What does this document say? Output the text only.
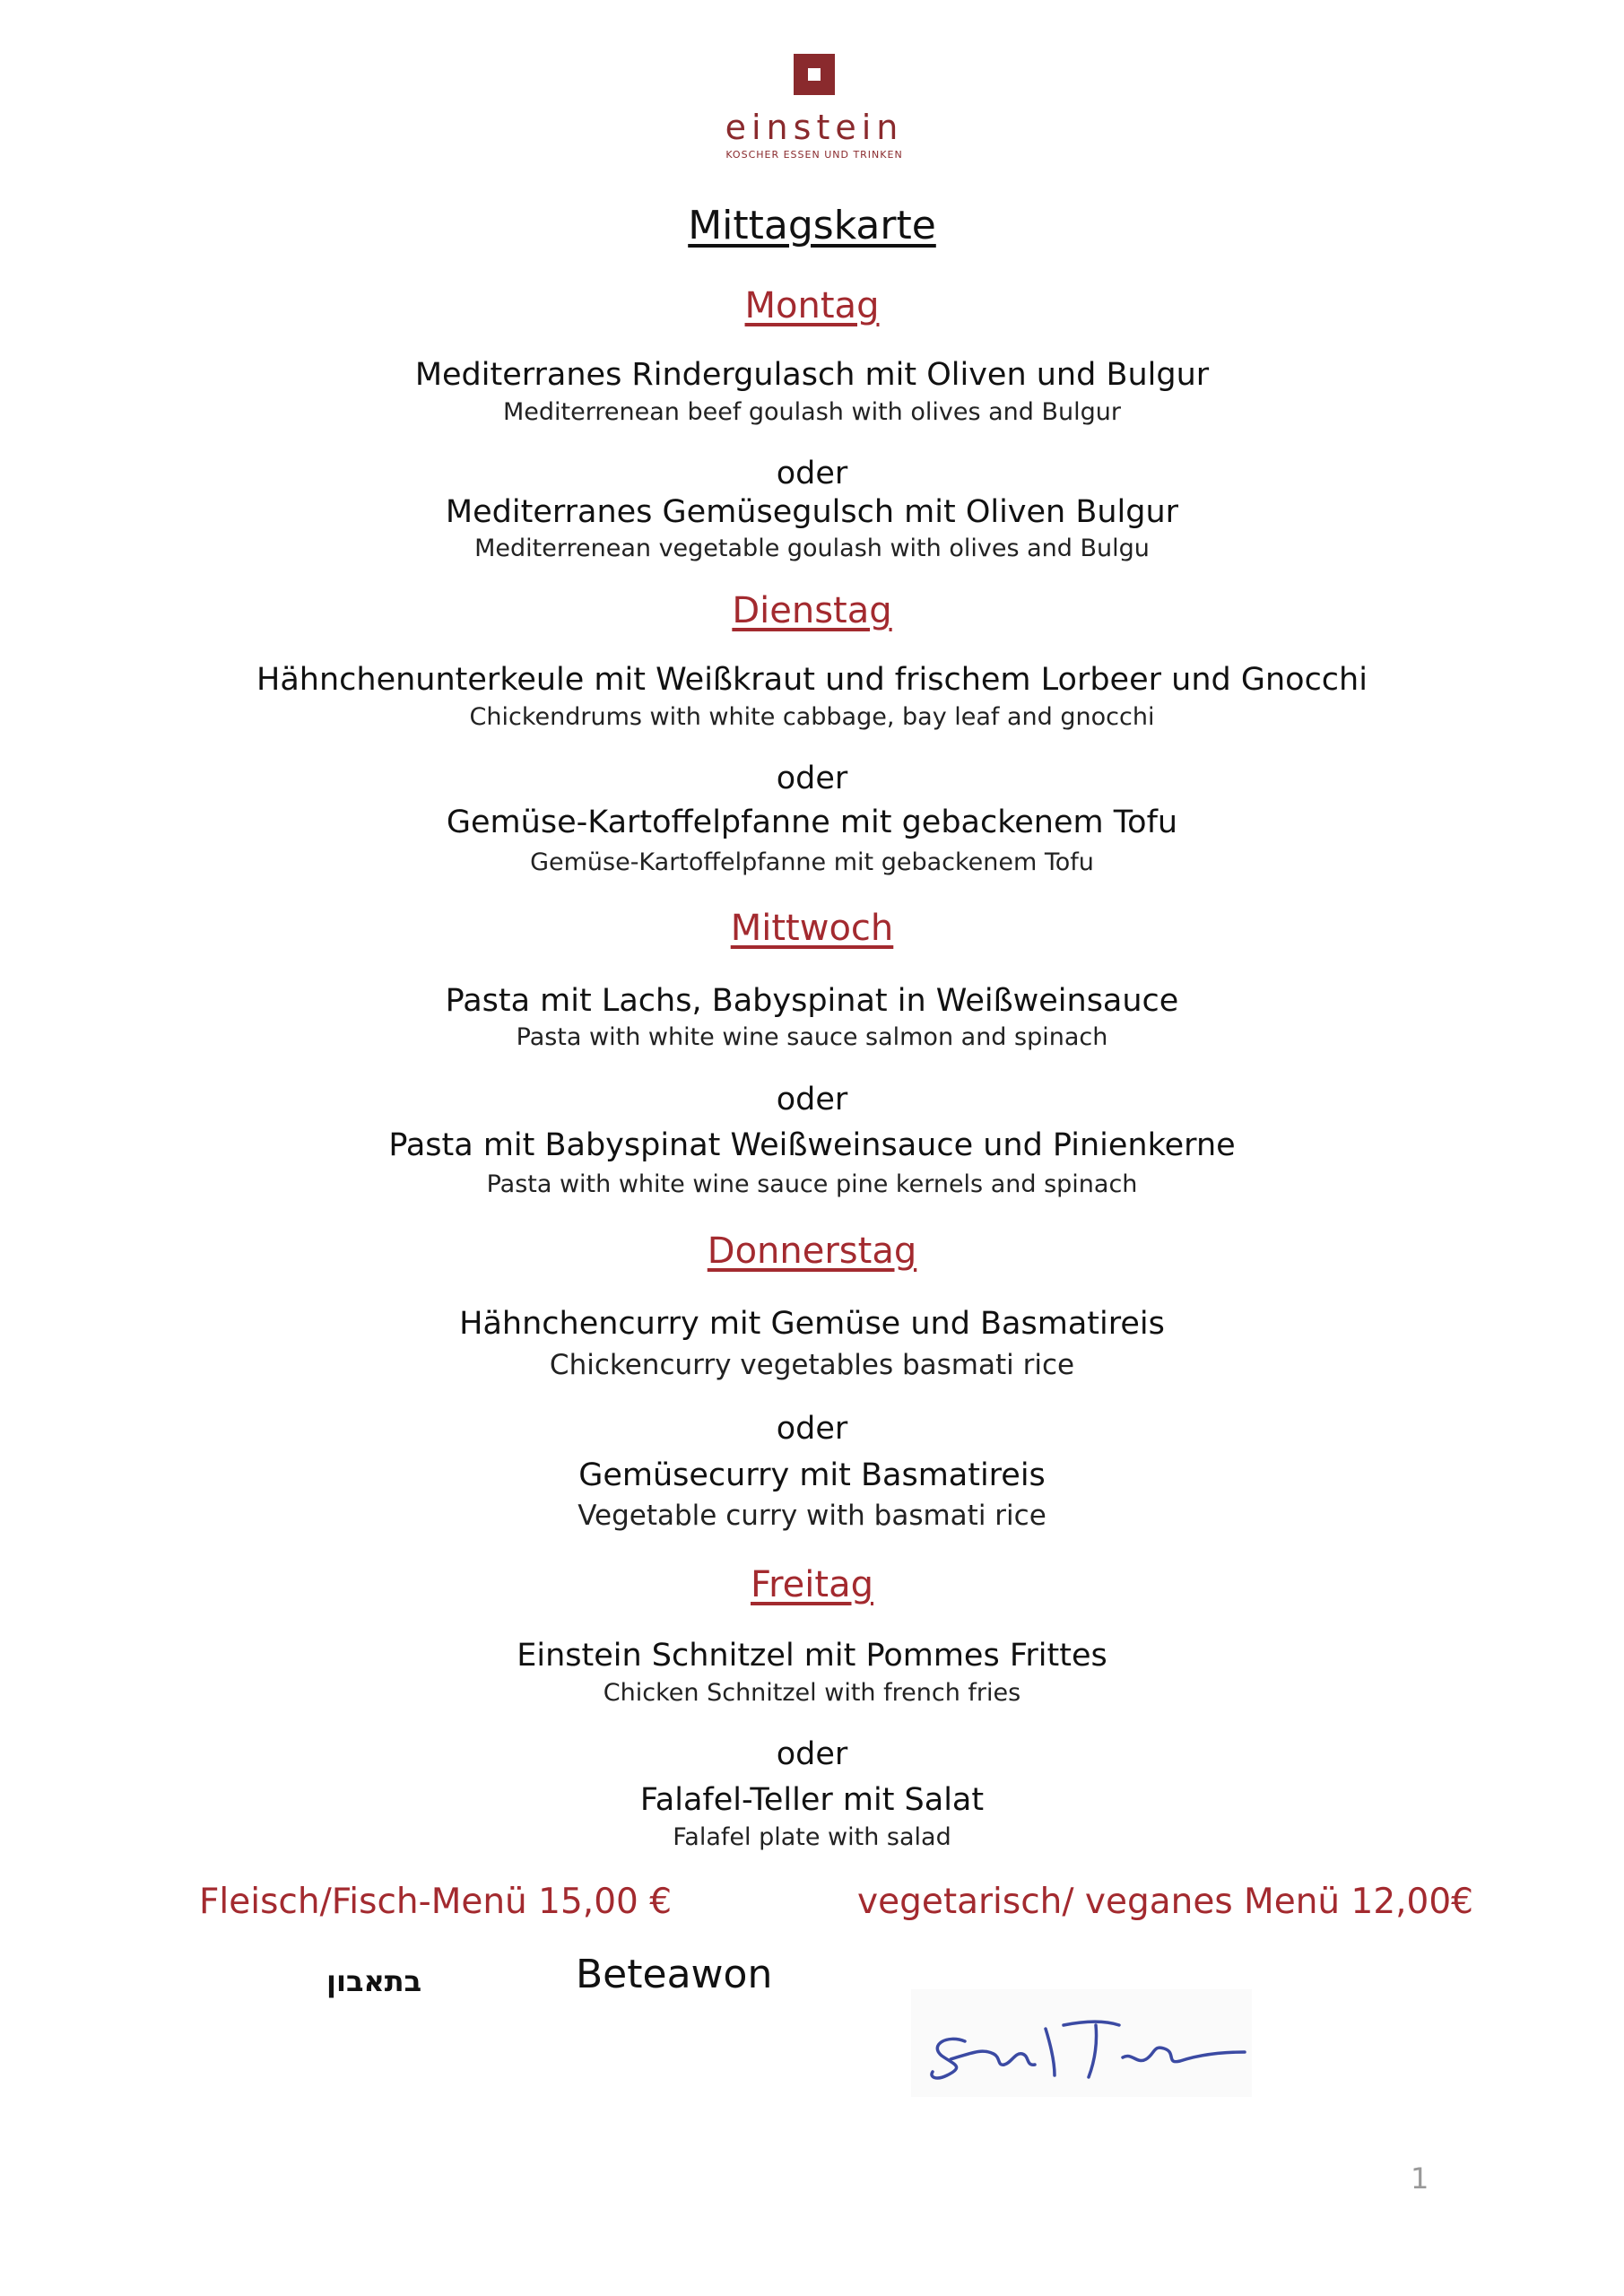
einstein
KOSCHER ESSEN UND TRINKEN
Mittagskarte
Montag
Mediterranes Rindergulasch mit Oliven und Bulgur
Mediterrenean beef goulash with olives and Bulgur
oder
Mediterranes Gemüsegulsch mit Oliven Bulgur
Mediterrenean vegetable goulash with olives and Bulgu
Dienstag
Hähnchenunterkeule mit Weißkraut und frischem Lorbeer und Gnocchi
Chickendrums with white cabbage, bay leaf and gnocchi
oder
Gemüse-Kartoffelpfanne mit gebackenem Tofu
Gemüse-Kartoffelpfanne mit gebackenem Tofu
Mittwoch
Pasta mit Lachs, Babyspinat in Weißweinsauce
Pasta with white wine sauce salmon and spinach
oder
Pasta mit Babyspinat Weißweinsauce und Pinienkerne
Pasta with white wine sauce pine kernels and spinach
Donnerstag
Hähnchencurry mit Gemüse und Basmatireis
Chickencurry vegetables basmati rice
oder
Gemüsecurry mit Basmatireis
Vegetable curry with basmati rice
Freitag
Einstein Schnitzel mit Pommes Frittes
Chicken Schnitzel with french fries
oder
Falafel-Teller mit Salat
Falafel plate with salad
Fleisch/Fisch-Menü 15,00 €	vegetarisch/ veganes Menü 12,00€
בתאבון	Beteawon
1
